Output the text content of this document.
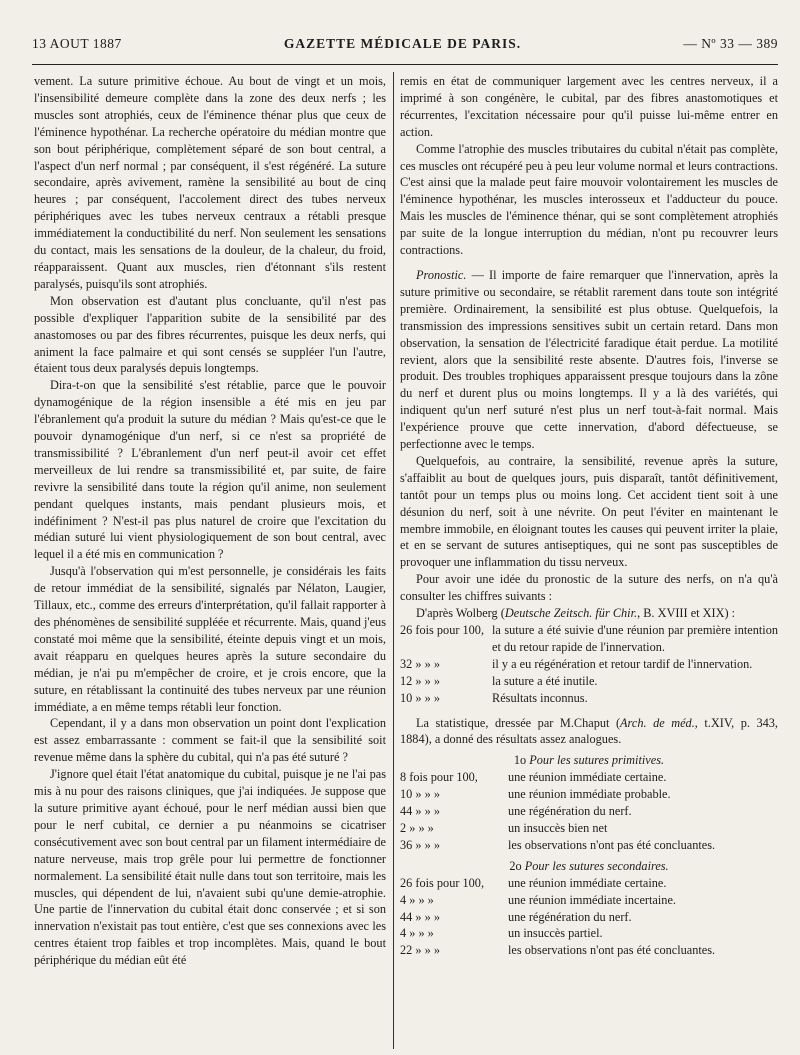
13 AOUT 1887	GAZETTE MÉDICALE DE PARIS.	— Nº 33 — 389

vement. La suture primitive échoue. Au bout de vingt et un mois, l'insensibilité demeure complète dans la zone des deux nerfs ; les muscles sont atrophiés, ceux de l'éminence thénar plus que ceux de l'éminence hypothénar. La recherche opératoire du médian montre que son bout périphérique, complètement séparé de son bout central, a l'aspect d'un nerf normal ; par conséquent, il s'est régénéré. La suture secondaire, après avivement, ramène la sensibilité au bout de cinq heures ; par conséquent, l'accolement direct des tubes nerveux périphériques avec les tubes nerveux centraux a rétabli presque immédiatement la conductibilité du nerf. Non seulement les sensations du contact, mais les sensations de la douleur, de la chaleur, du froid, réapparaissent. Quant aux muscles, rien d'étonnant s'ils restent paralysés, puisqu'ils sont atrophiés.

Mon observation est d'autant plus concluante, qu'il n'est pas possible d'expliquer l'apparition subite de la sensibilité par des anastomoses ou par des fibres récurrentes, puisque les deux nerfs, qui animent la face palmaire et qui sont censés se suppléer l'un l'autre, étaient tous deux paralysés depuis longtemps.

Dira-t-on que la sensibilité s'est rétablie, parce que le pouvoir dynamogénique de la région insensible a été mis en jeu par l'ébranlement qu'a produit la suture du médian ? Mais qu'est-ce que le pouvoir dynamogénique d'un nerf, si ce n'est sa propriété de transmissibilité ? L'ébranlement d'un nerf peut-il avoir cet effet merveilleux de lui rendre sa transmissibilité et, par suite, de faire revivre la sensibilité dans toute la région qu'il anime, non seulement pendant quelques instants, mais pendant plusieurs mois, et indéfiniment ? N'est-il pas plus naturel de croire que l'excitation du médian suturé lui vient physiologiquement de son bout central, avec lequel il a été mis en communication ?

Jusqu'à l'observation qui m'est personnelle, je considérais les faits de retour immédiat de la sensibilité, signalés par Nélaton, Laugier, Tillaux, etc., comme des erreurs d'interprétation, qu'il fallait rapporter à des phénomènes de sensibilité suppléée et récurrente. Mais, quand j'eus constaté moi même que la sensibilité, éteinte depuis vingt et un mois, avait réapparu en quelques heures après la suture secondaire du médian, je n'ai pu m'empêcher de croire, et je crois encore, que la suture, en rétablissant la continuité des tubes nerveux par une réunion immédiate, a en même temps rétabli leur fonction.

Cependant, il y a dans mon observation un point dont l'explication est assez embarrassante : comment se fait-il que la sensibilité soit revenue même dans la sphère du cubital, qui n'a pas été suturé ?

J'ignore quel était l'état anatomique du cubital, puisque je ne l'ai pas mis à nu pour des raisons cliniques, que j'ai indiquées. Je suppose que la suture primitive ayant échoué, pour le nerf médian aussi bien que pour le nerf cubital, ce dernier a pu néanmoins se cicatriser consécutivement avec son bout central par un filament intermédiaire de nature nerveuse, mais trop grêle pour lui permettre de fonctionner normalement. La sensibilité était nulle dans tout son territoire, mais les muscles, qui dépendent de lui, n'avaient subi qu'une demie-atrophie. Une partie de l'innervation du cubital était donc conservée ; et si son innervation n'existait pas tout entière, c'est que ses connexions avec les centres étaient trop faibles et trop incomplètes. Mais, quand le bout périphérique du médian eût été

remis en état de communiquer largement avec les centres nerveux, il a imprimé à son congénère, le cubital, par des fibres anastomotiques et récurrentes, l'excitation nécessaire pour qu'il puisse lui-même entrer en action.

Comme l'atrophie des muscles tributaires du cubital n'était pas complète, ces muscles ont récupéré peu à peu leur volume normal et leurs contractions. C'est ainsi que la malade peut faire mouvoir volontairement les muscles de l'éminence hypothénar, les muscles interosseux et l'adducteur du pouce. Mais les muscles de l'éminence thénar, qui se sont complètement atrophiés par suite de la longue interruption du médian, n'ont pu recouvrer leurs contractions.

Pronostic. — Il importe de faire remarquer que l'innervation, après la suture primitive ou secondaire, se rétablit rarement dans toute son intégrité première. Ordinairement, la sensibilité est plus obtuse. Quelquefois, la transmission des impressions sensitives subit un certain retard. Dans mon observation, la sensation de l'électricité faradique était perdue. La motilité revient, alors que la sensibilité reste absente. D'autres fois, l'inverse se produit. Des troubles trophiques apparaissent presque toujours dans la zône du nerf et durent plus ou moins longtemps. Il y a là des variétés, qui indiquent qu'un nerf suturé n'est plus un nerf tout-à-fait normal. Mais l'expérience prouve que cette innervation, d'abord défectueuse, se perfectionne avec le temps.

Quelquefois, au contraire, la sensibilité, revenue après la suture, s'affaiblit au bout de quelques jours, puis disparaît, tantôt définitivement, tantôt pour un temps plus ou moins long. Cet accident tient soit à une désunion du nerf, soit à une névrite. On peut l'éviter en maintenant le membre immobile, en éloignant toutes les causes qui peuvent irriter la plaie, et en se servant de sutures antiseptiques, qui ne sont pas susceptibles de provoquer une inflammation du tissu nerveux.

Pour avoir une idée du pronostic de la suture des nerfs, on n'a qu'à consulter les chiffres suivants :

D'après Wolberg (Deutsche Zeitsch. für Chir., B. XVIII et XIX) :

26 fois pour 100, la suture a été suivie d'une réunion par première intention et du retour rapide de l'innervation.
32 » » »	il y a eu régénération et retour tardif de l'innervation.
12 » » »	la suture a été inutile.
10 » » »	Résultats inconnus.

La statistique, dressée par M.Chaput (Arch. de méd., t.XIV, p. 343, 1884), a donné des résultats assez analogues.

1o Pour les sutures primitives.
8 fois pour 100,	une réunion immédiate certaine.
10 » » »	une réunion immédiate probable.
44 » » »	une régénération du nerf.
2 » » »	un insuccès bien net
36 » » »	les observations n'ont pas été concluantes.
2o Pour les sutures secondaires.
26 fois pour 100,	une réunion immédiate certaine.
4 » » »	une réunion immédiate incertaine.
44 » » »	une régénération du nerf.
4 » » »	un insuccès partiel.
22 » » »	les observations n'ont pas été concluantes.
